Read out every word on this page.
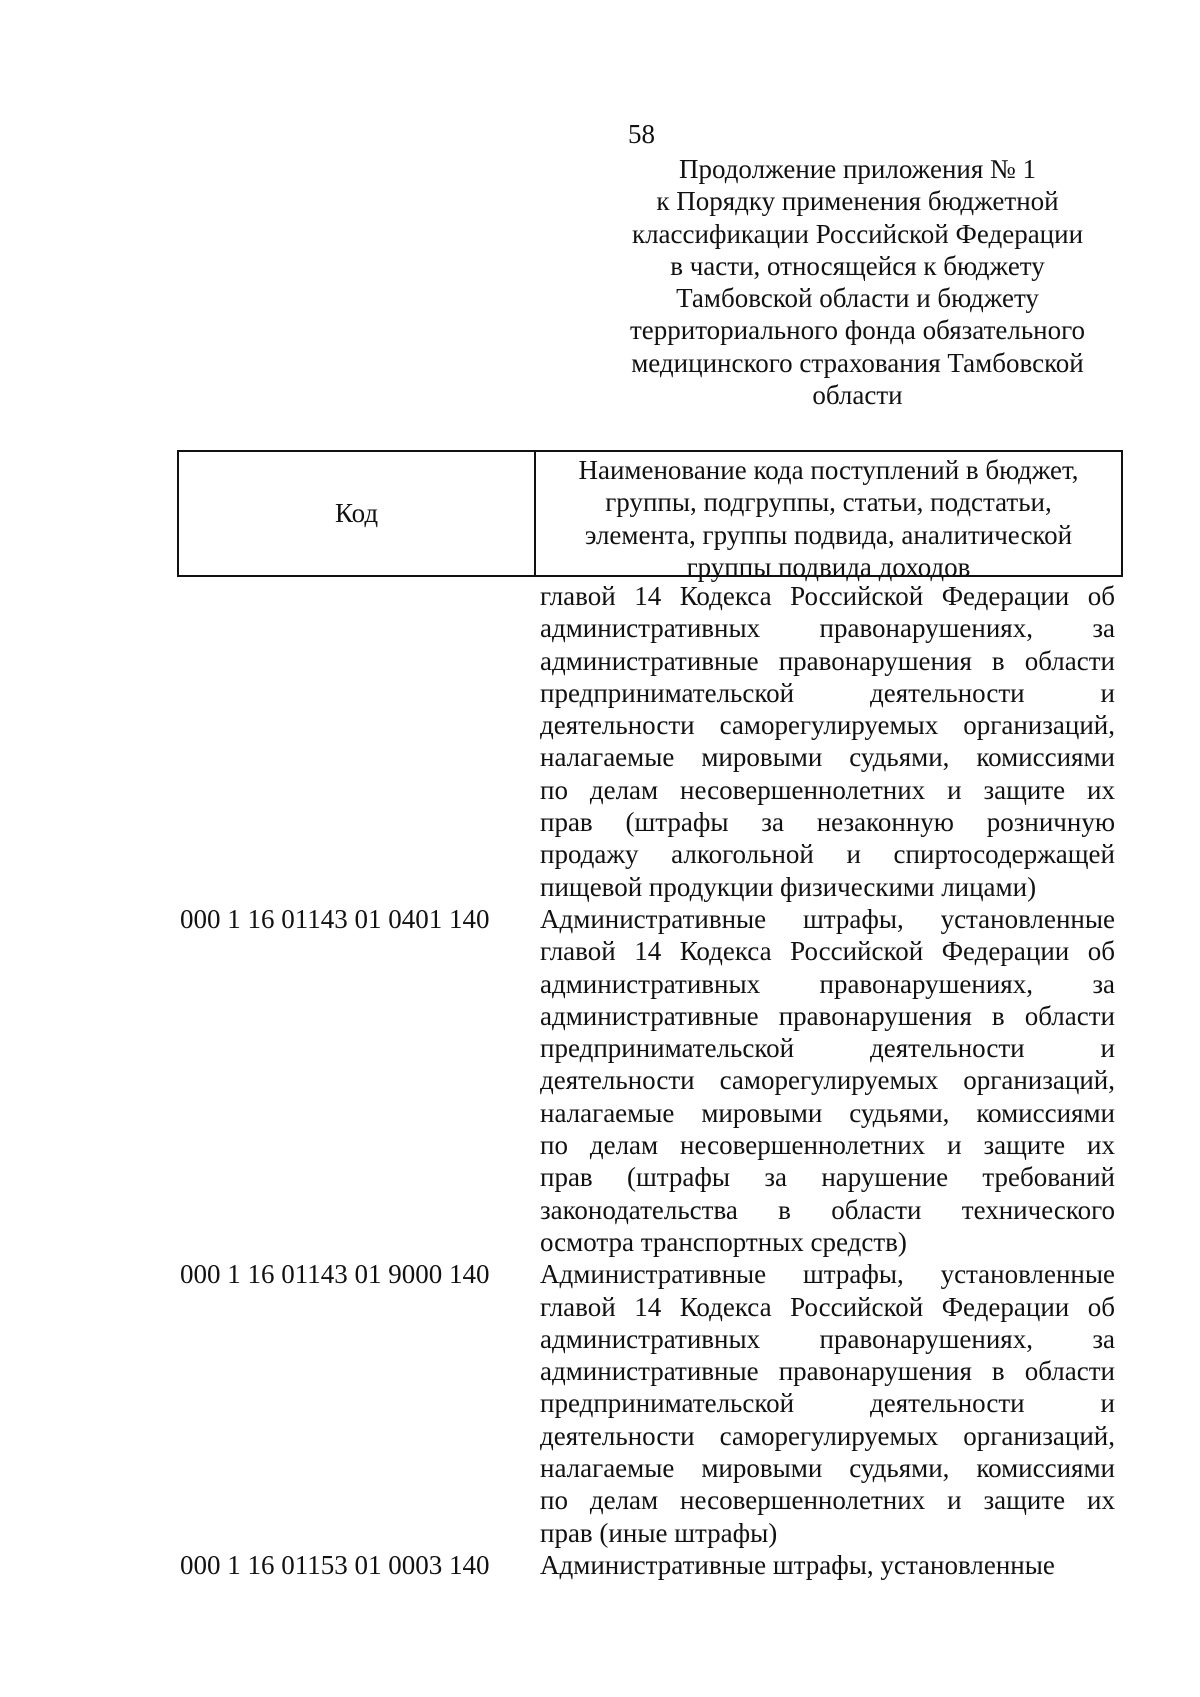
58
Продолжение приложения № 1
к Порядку применения бюджетной
классификации Российской Федерации
в части, относящейся к бюджету
Тамбовской области и бюджету
территориального фонда обязательного
медицинского страхования Тамбовской
области
Код
Наименование кода поступлений в бюджет,
группы, подгруппы, статьи, подстатьи,
элемента, группы подвида, аналитической
группы подвида доходов
главой 14 Кодекса Российской Федерации об
административных правонарушениях, за
административные правонарушения в области
предпринимательской деятельности и
деятельности саморегулируемых организаций,
налагаемые мировыми судьями, комиссиями
по делам несовершеннолетних и защите их
прав (штрафы за незаконную розничную
продажу алкогольной и спиртосодержащей
пищевой продукции физическими лицами)
000 1 16 01143 01 0401 140	Административные штрафы, установленные
главой 14 Кодекса Российской Федерации об
административных правонарушениях, за
административные правонарушения в области
предпринимательской деятельности и
деятельности саморегулируемых организаций,
налагаемые мировыми судьями, комиссиями
по делам несовершеннолетних и защите их
прав (штрафы за нарушение требований
законодательства в области технического
осмотра транспортных средств)
000 1 16 01143 01 9000 140	Административные штрафы, установленные
главой 14 Кодекса Российской Федерации об
административных правонарушениях, за
административные правонарушения в области
предпринимательской деятельности и
деятельности саморегулируемых организаций,
налагаемые мировыми судьями, комиссиями
по делам несовершеннолетних и защите их
прав (иные штрафы)
000 1 16 01153 01 0003 140	Административные штрафы, установленные
